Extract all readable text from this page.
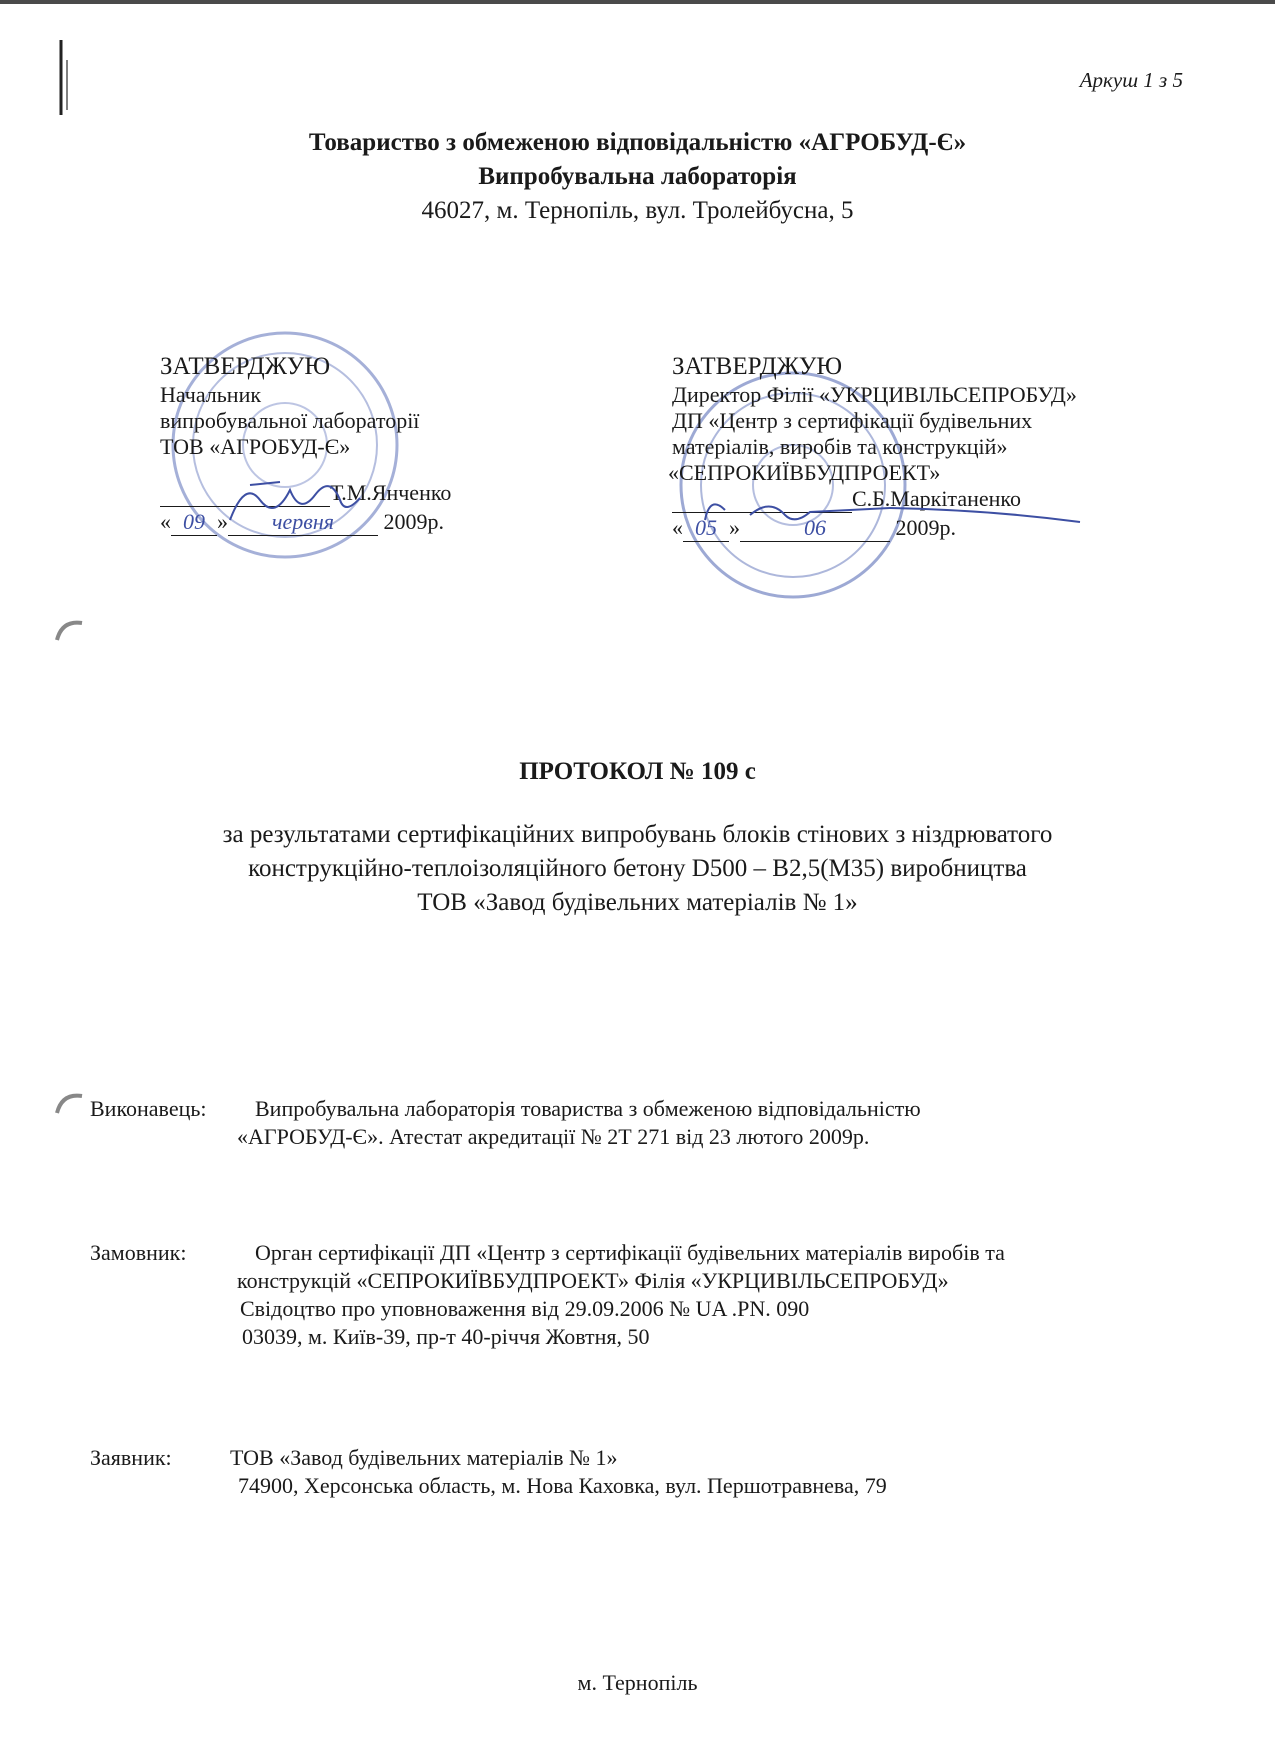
Аркуш 1 з 5
Товариство з обмеженою відповідальністю «АГРОБУД-Є»
Випробувальна лабораторія
46027, м. Тернопіль, вул. Тролейбусна, 5
ЗАТВЕРДЖУЮ
Начальник
випробувальної лабораторії
ТОВ «АГРОБУД-Є»
Т.М.Янченко
« 09 » червня 2009р.
ЗАТВЕРДЖУЮ
Директор Філії «УКРЦИВІЛЬСЕПРОБУД»
ДП «Центр з сертифікації будівельних
матеріалів, виробів та конструкцій»
«СЕПРОКИЇВБУДПРОЕКТ»
С.Б.Маркітаненко
« 05 »	06	2009р.
ПРОТОКОЛ № 109 с
за результатами сертифікаційних випробувань блоків стінових з ніздрюватого
конструкційно-теплоізоляційного бетону D500 – В2,5(М35) виробництва
ТОВ «Завод будівельних матеріалів № 1»
Виконавець: Випробувальна лабораторія товариства з обмеженою відповідальністю
«АГРОБУД-Є». Атестат акредитації № 2Т 271 від 23 лютого 2009р.
Замовник:	Орган сертифікації ДП «Центр з сертифікації будівельних матеріалів виробів та
конструкцій «СЕПРОКИЇВБУДПРОЕКТ» Філія «УКРЦИВІЛЬСЕПРОБУД»
Свідоцтво про уповноваження від 29.09.2006 № UA .PN. 090
03039, м. Київ-39, пр-т 40-річчя Жовтня, 50
Заявник:	ТОВ «Завод будівельних матеріалів № 1»
74900, Херсонська область, м. Нова Каховка, вул. Першотравнева, 79
м. Тернопіль
